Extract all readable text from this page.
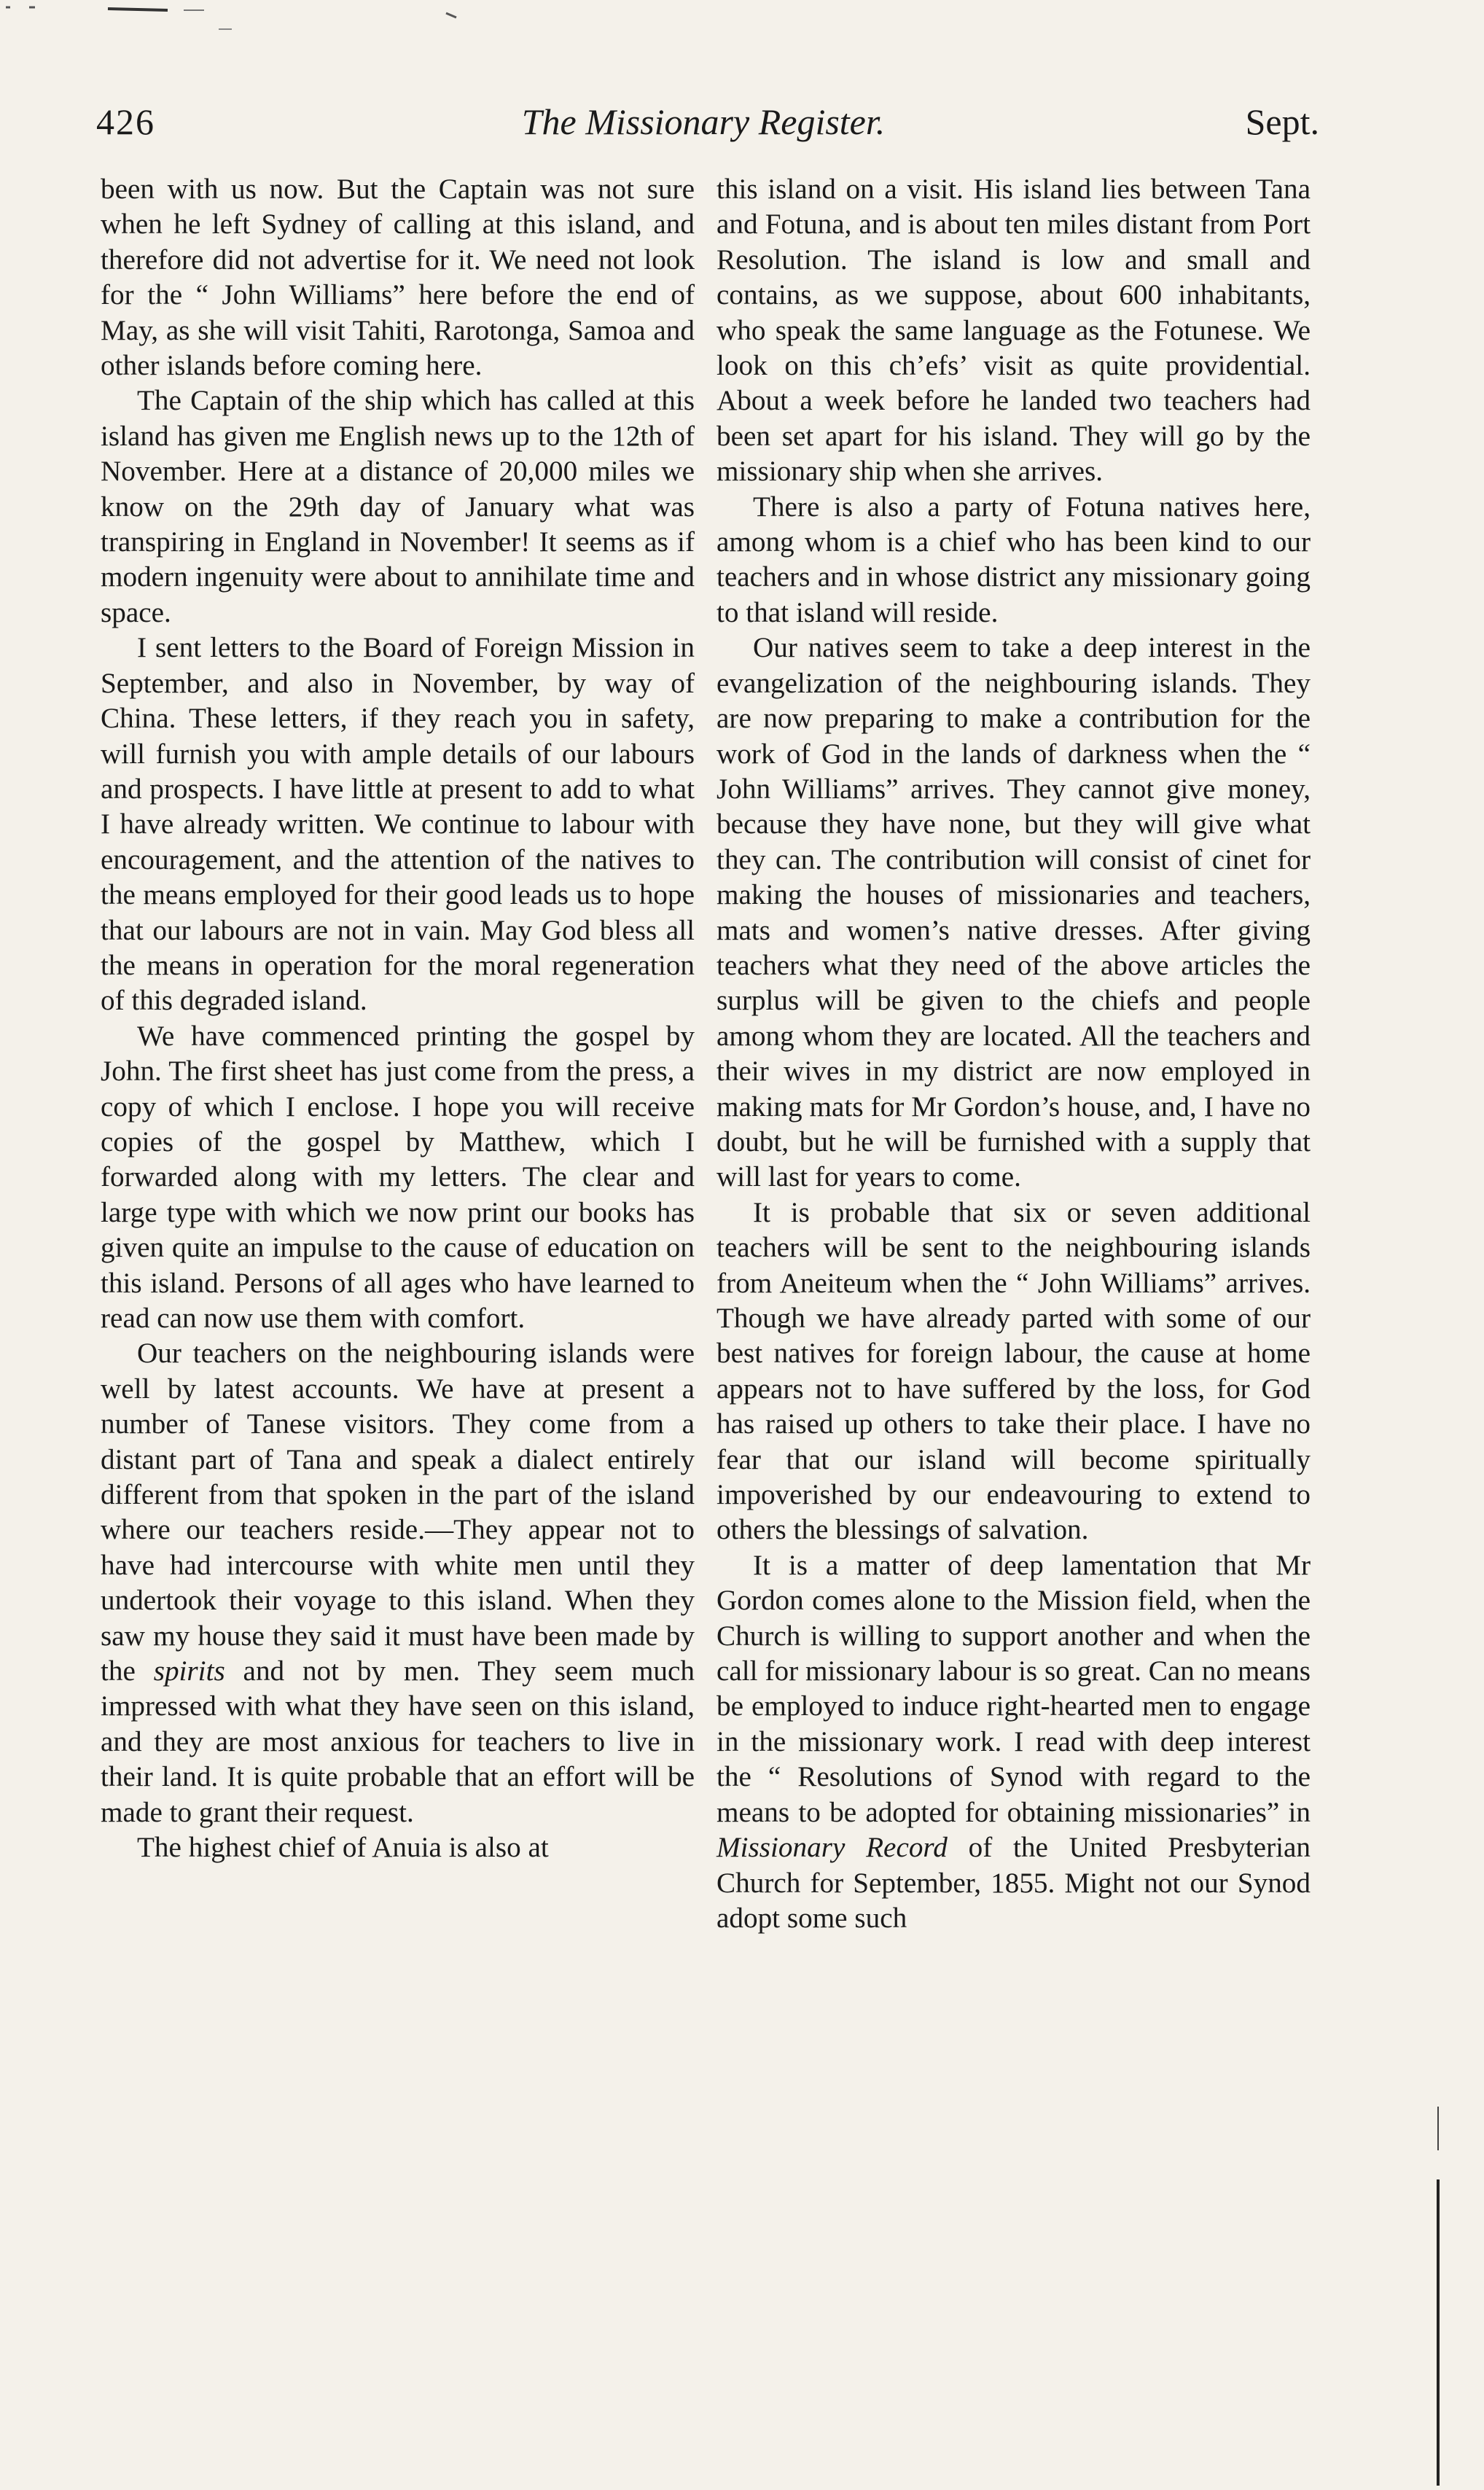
426	The Missionary Register.	Sept.

been with us now. But the Captain was not sure when he left Sydney of calling at this island, and therefore did not advertise for it. We need not look for the “ John Williams” here before the end of May, as she will visit Tahiti, Rarotonga, Samoa and other islands before coming here.

The Captain of the ship which has called at this island has given me English news up to the 12th of November. Here at a distance of 20,000 miles we know on the 29th day of January what was transpiring in England in November! It seems as if modern ingenuity were about to annihilate time and space.

I sent letters to the Board of Foreign Mission in September, and also in November, by way of China. These letters, if they reach you in safety, will furnish you with ample details of our labours and prospects. I have little at present to add to what I have already written. We continue to labour with encouragement, and the attention of the natives to the means employed for their good leads us to hope that our labours are not in vain. May God bless all the means in operation for the moral regeneration of this degraded island.

We have commenced printing the gospel by John. The first sheet has just come from the press, a copy of which I enclose. I hope you will receive copies of the gospel by Matthew, which I forwarded along with my letters. The clear and large type with which we now print our books has given quite an impulse to the cause of education on this island. Persons of all ages who have learned to read can now use them with comfort.

Our teachers on the neighbouring islands were well by latest accounts. We have at present a number of Tanese visitors. They come from a distant part of Tana and speak a dialect entirely different from that spoken in the part of the island where our teachers reside.—They appear not to have had intercourse with white men until they undertook their voyage to this island. When they saw my house they said it must have been made by the spirits and not by men. They seem much impressed with what they have seen on this island, and they are most anxious for teachers to live in their land. It is quite probable that an effort will be made to grant their request.

The highest chief of Anuia is also at

this island on a visit. His island lies between Tana and Fotuna, and is about ten miles distant from Port Resolution. The island is low and small and contains, as we suppose, about 600 inhabitants, who speak the same language as the Fotunese. We look on this ch’efs’ visit as quite providential. About a week before he landed two teachers had been set apart for his island. They will go by the missionary ship when she arrives.

There is also a party of Fotuna natives here, among whom is a chief who has been kind to our teachers and in whose district any missionary going to that island will reside.

Our natives seem to take a deep interest in the evangelization of the neighbouring islands. They are now preparing to make a contribution for the work of God in the lands of darkness when the “ John Williams” arrives. They cannot give money, because they have none, but they will give what they can. The contribution will consist of cinet for making the houses of missionaries and teachers, mats and women’s native dresses. After giving teachers what they need of the above articles the surplus will be given to the chiefs and people among whom they are located. All the teachers and their wives in my district are now employed in making mats for Mr Gordon’s house, and, I have no doubt, but he will be furnished with a supply that will last for years to come.

It is probable that six or seven additional teachers will be sent to the neighbouring islands from Aneiteum when the “ John Williams” arrives. Though we have already parted with some of our best natives for foreign labour, the cause at home appears not to have suffered by the loss, for God has raised up others to take their place. I have no fear that our island will become spiritually impoverished by our endeavouring to extend to others the blessings of salvation.

It is a matter of deep lamentation that Mr Gordon comes alone to the Mission field, when the Church is willing to support another and when the call for missionary labour is so great. Can no means be employed to induce right-hearted men to engage in the missionary work. I read with deep interest the “ Resolutions of Synod with regard to the means to be adopted for obtaining missionaries” in Missionary Record of the United Presbyterian Church for September, 1855. Might not our Synod adopt some such
